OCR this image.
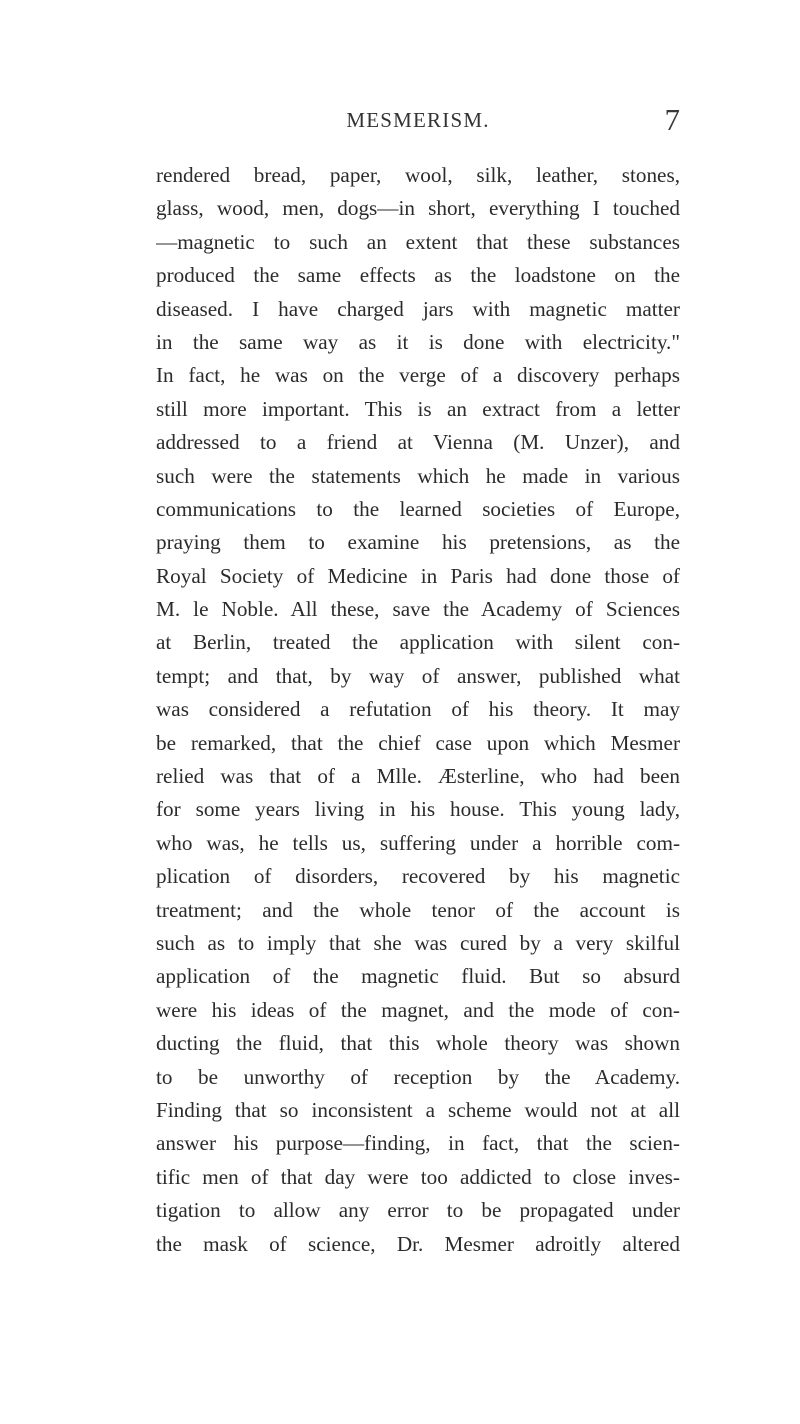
MESMERISM.	7
rendered bread, paper, wool, silk, leather, stones,
glass, wood, men, dogs—in short, everything I touched
—magnetic to such an extent that these substances
produced the same effects as the loadstone on the
diseased. I have charged jars with magnetic matter
in the same way as it is done with electricity."
In fact, he was on the verge of a discovery perhaps
still more important. This is an extract from a letter
addressed to a friend at Vienna (M. Unzer), and
such were the statements which he made in various
communications to the learned societies of Europe,
praying them to examine his pretensions, as the
Royal Society of Medicine in Paris had done those of
M. le Noble. All these, save the Academy of Sciences
at Berlin, treated the application with silent con-
tempt; and that, by way of answer, published what
was considered a refutation of his theory. It may
be remarked, that the chief case upon which Mesmer
relied was that of a Mlle. Æsterline, who had been
for some years living in his house. This young lady,
who was, he tells us, suffering under a horrible com-
plication of disorders, recovered by his magnetic
treatment; and the whole tenor of the account is
such as to imply that she was cured by a very skilful
application of the magnetic fluid. But so absurd
were his ideas of the magnet, and the mode of con-
ducting the fluid, that this whole theory was shown
to be unworthy of reception by the Academy.
Finding that so inconsistent a scheme would not at all
answer his purpose—finding, in fact, that the scien-
tific men of that day were too addicted to close inves-
tigation to allow any error to be propagated under
the mask of science, Dr. Mesmer adroitly altered
